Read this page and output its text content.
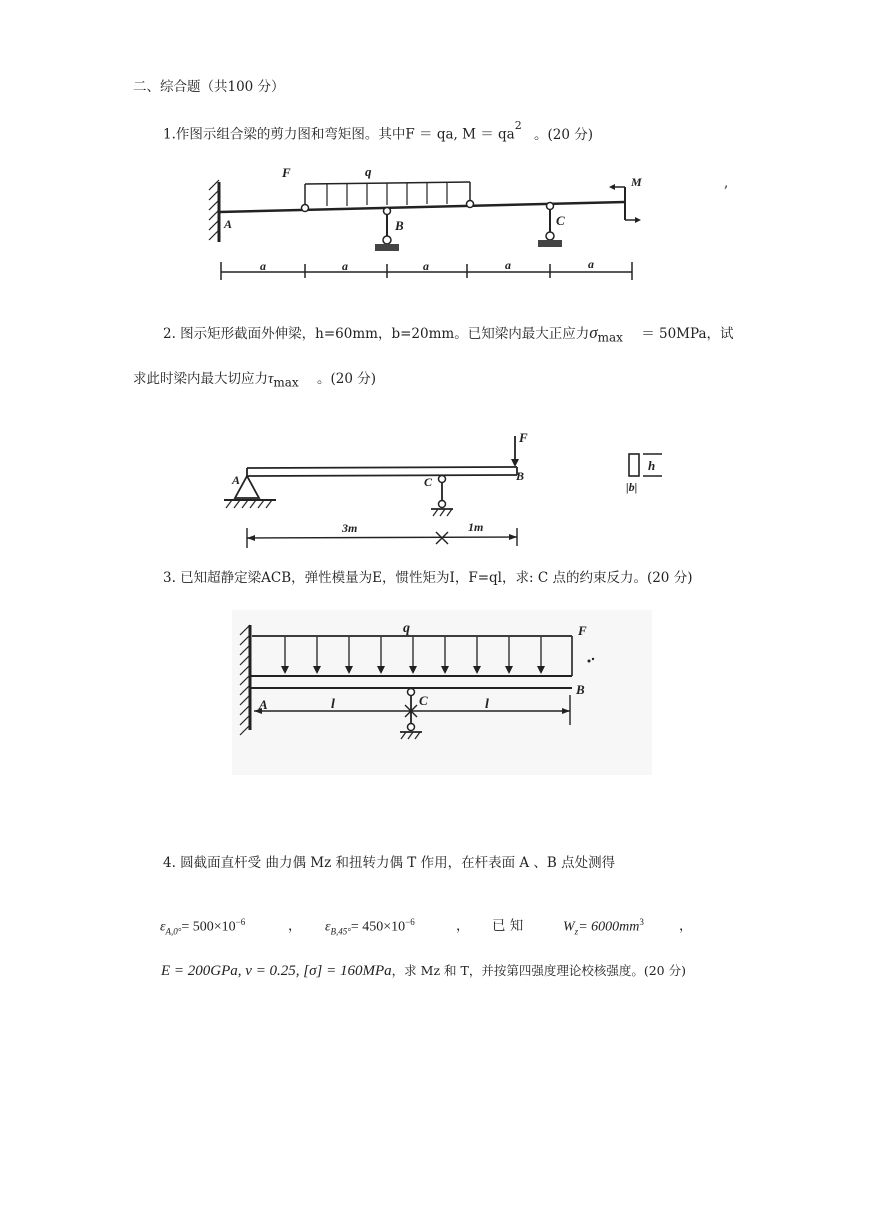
二、综合题（共100 分）
1.作图示组合梁的剪力图和弯矩图。其中F ＝ qa, $M = qa^2$ 。(20 分)
F	q
A	B	C
M
a	a	a	a	a
,
2. 图示矩形截面外伸梁，h=60mm，b=20mm。已知梁内最大正应力$\sigma_{max} = 50MPa$，试
求此时梁内最大切应力$\tau_{max}$ 。(20 分)
F
A	B
C
3m	1m
h
|b|
3. 已知超静定梁ACB，弹性模量为E，惯性矩为I，F=ql，求: C 点的约束反力。(20 分)
q	F
B
A	C
l	l
4. 圆截面直杆受 曲力偶 Mz 和扭转力偶 T 作用，在杆表面 A 、B 点处测得
$\varepsilon_{A,0^\circ}= 500\times 10^{-6}$	， $\varepsilon_{B,45^\circ}= 450\times 10^{-6}$	， 已 知	$W_z= 6000mm^3$	，
E = 200GPa, ν = 0.25, [σ] = 160MPa，求 Mz 和 T，并按第四强度理论校核强度。(20 分)
